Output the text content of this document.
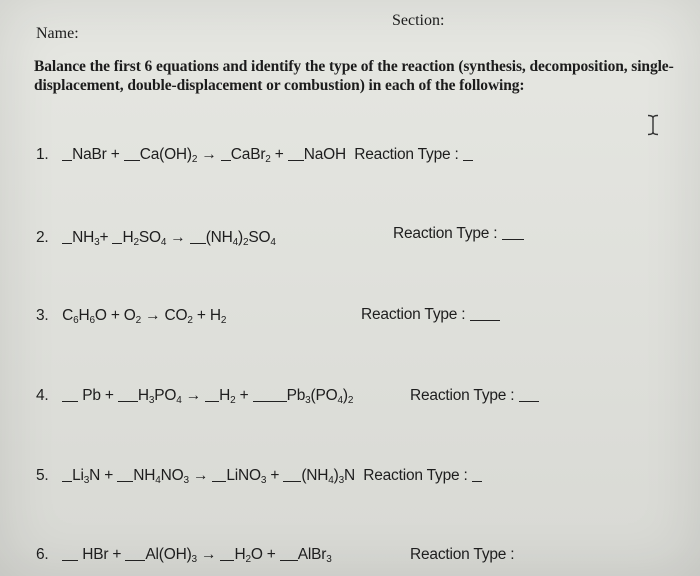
Section:
Name:
Balance the first 6 equations and identify the type of the reaction (synthesis, decomposition, single-displacement, double-displacement or combustion) in each of the following:
1. NaBr + $Ca(OH)_2$ → CaBr$_2$ + NaOH Reaction Type :
2. $NH_3+ H_2SO_4 \to (NH_4)_2SO_4$
Reaction Type :
3. $C_6H_6O + O_2 \to CO_2 + H_2$	Reaction Type :
4. $Pb + H_3PO_4 \to H_2 + Pb_3(PO_4)_2$	Reaction Type :
5. $Li_3N + NH_4NO_3$ → LiNO$_3$ + $(NH_4)_3N$ Reaction Type :
6. HBr + $Al(OH)_3 \to H_2O$ + AlBr$_3$	Reaction Type :
